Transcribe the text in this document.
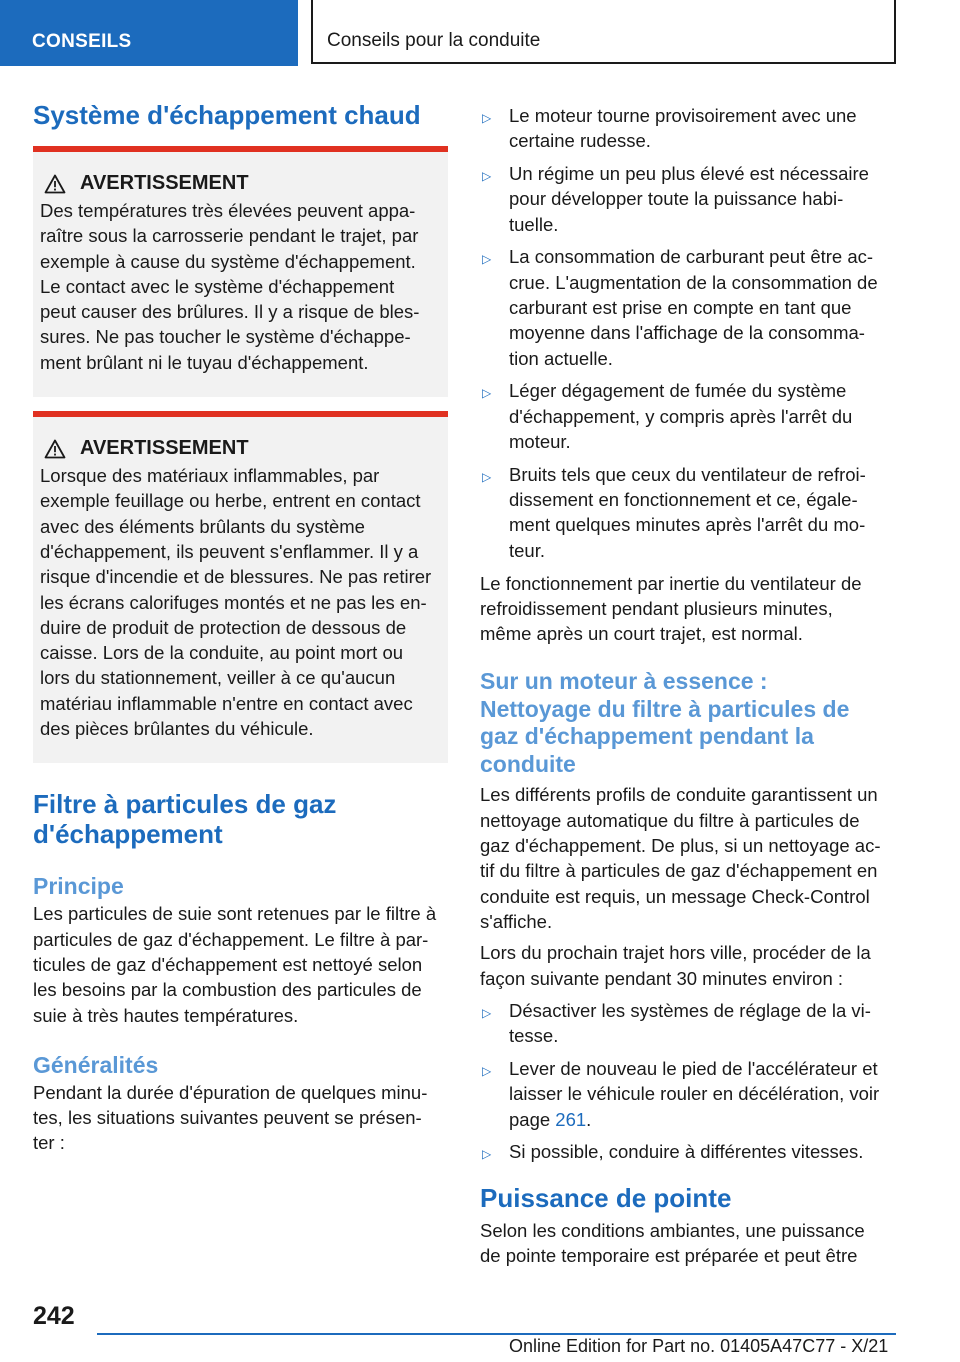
CONSEILS	Conseils pour la conduite
Système d'échappement chaud
AVERTISSEMENT

Des températures très élevées peuvent appa-
raître sous la carrosserie pendant le trajet, par
exemple à cause du système d'échappement.
Le contact avec le système d'échappement
peut causer des brûlures. Il y a risque de bles-
sures. Ne pas toucher le système d'échappe-
ment brûlant ni le tuyau d'échappement.

AVERTISSEMENT

Lorsque des matériaux inflammables, par
exemple feuillage ou herbe, entrent en contact
avec des éléments brûlants du système
d'échappement, ils peuvent s'enflammer. Il y a
risque d'incendie et de blessures. Ne pas retirer
les écrans calorifuges montés et ne pas les en-
duire de produit de protection de dessous de
caisse. Lors de la conduite, au point mort ou
lors du stationnement, veiller à ce qu'aucun
matériau inflammable n'entre en contact avec
des pièces brûlantes du véhicule.

Filtre à particules de gaz
d'échappement
Principe

Les particules de suie sont retenues par le filtre à
particules de gaz d'échappement. Le filtre à par-
ticules de gaz d'échappement est nettoyé selon
les besoins par la combustion des particules de
suie à très hautes températures.

Généralités

Pendant la durée d'épuration de quelques minu-
tes, les situations suivantes peuvent se présen-
ter :

▷ Le moteur tourne provisoirement avec une
certaine rudesse.
▷ Un régime un peu plus élevé est nécessaire
pour développer toute la puissance habi-
tuelle.
▷ La consommation de carburant peut être ac-
crue. L'augmentation de la consommation de
carburant est prise en compte en tant que
moyenne dans l'affichage de la consomma-
tion actuelle.
▷ Léger dégagement de fumée du système
d'échappement, y compris après l'arrêt du
moteur.
▷ Bruits tels que ceux du ventilateur de refroi-
dissement en fonctionnement et ce, égale-
ment quelques minutes après l'arrêt du mo-
teur.

Le fonctionnement par inertie du ventilateur de
refroidissement pendant plusieurs minutes,
même après un court trajet, est normal.

Sur un moteur à essence :
Nettoyage du filtre à particules de
gaz d'échappement pendant la
conduite

Les différents profils de conduite garantissent un
nettoyage automatique du filtre à particules de
gaz d'échappement. De plus, si un nettoyage ac-
tif du filtre à particules de gaz d'échappement en
conduite est requis, un message Check-Control
s'affiche.

Lors du prochain trajet hors ville, procéder de la
façon suivante pendant 30 minutes environ :

▷ Désactiver les systèmes de réglage de la vi-
tesse.
▷ Lever de nouveau le pied de l'accélérateur et
laisser le véhicule rouler en décélération, voir
page 261.
▷ Si possible, conduire à différentes vitesses.
Puissance de pointe

Selon les conditions ambiantes, une puissance
de pointe temporaire est préparée et peut être

242
Online Edition for Part no. 01405A47C77 - X/21
